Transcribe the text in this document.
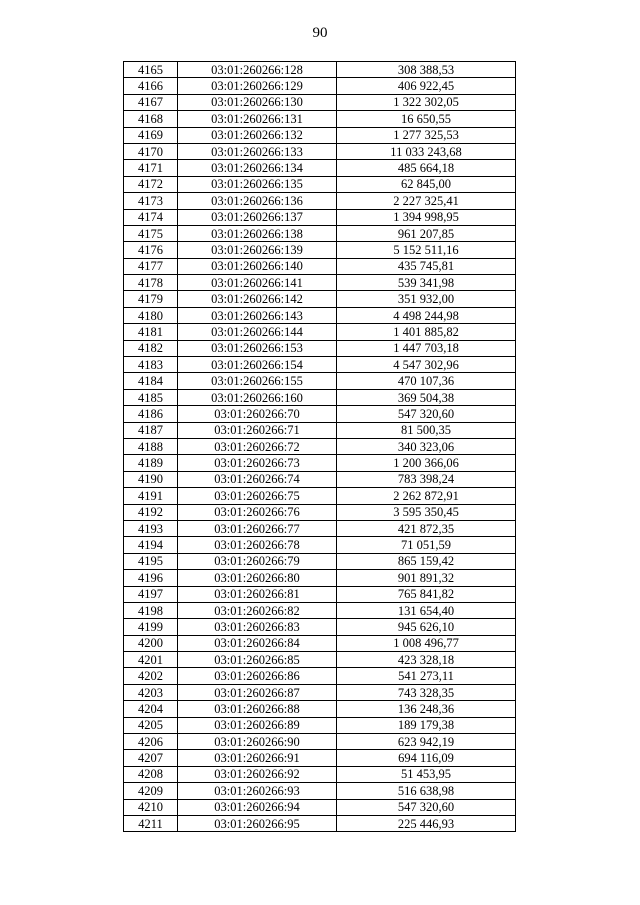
90
4165	03:01:260266:128	308 388,53
4166	03:01:260266:129	406 922,45
4167	03:01:260266:130	1 322 302,05
4168	03:01:260266:131	16 650,55
4169	03:01:260266:132	1 277 325,53
4170	03:01:260266:133	11 033 243,68
4171	03:01:260266:134	485 664,18
4172	03:01:260266:135	62 845,00
4173	03:01:260266:136	2 227 325,41
4174	03:01:260266:137	1 394 998,95
4175	03:01:260266:138	961 207,85
4176	03:01:260266:139	5 152 511,16
4177	03:01:260266:140	435 745,81
4178	03:01:260266:141	539 341,98
4179	03:01:260266:142	351 932,00
4180	03:01:260266:143	4 498 244,98
4181	03:01:260266:144	1 401 885,82
4182	03:01:260266:153	1 447 703,18
4183	03:01:260266:154	4 547 302,96
4184	03:01:260266:155	470 107,36
4185	03:01:260266:160	369 504,38
4186	03:01:260266:70	547 320,60
4187	03:01:260266:71	81 500,35
4188	03:01:260266:72	340 323,06
4189	03:01:260266:73	1 200 366,06
4190	03:01:260266:74	783 398,24
4191	03:01:260266:75	2 262 872,91
4192	03:01:260266:76	3 595 350,45
4193	03:01:260266:77	421 872,35
4194	03:01:260266:78	71 051,59
4195	03:01:260266:79	865 159,42
4196	03:01:260266:80	901 891,32
4197	03:01:260266:81	765 841,82
4198	03:01:260266:82	131 654,40
4199	03:01:260266:83	945 626,10
4200	03:01:260266:84	1 008 496,77
4201	03:01:260266:85	423 328,18
4202	03:01:260266:86	541 273,11
4203	03:01:260266:87	743 328,35
4204	03:01:260266:88	136 248,36
4205	03:01:260266:89	189 179,38
4206	03:01:260266:90	623 942,19
4207	03:01:260266:91	694 116,09
4208	03:01:260266:92	51 453,95
4209	03:01:260266:93	516 638,98
4210	03:01:260266:94	547 320,60
4211	03:01:260266:95	225 446,93
